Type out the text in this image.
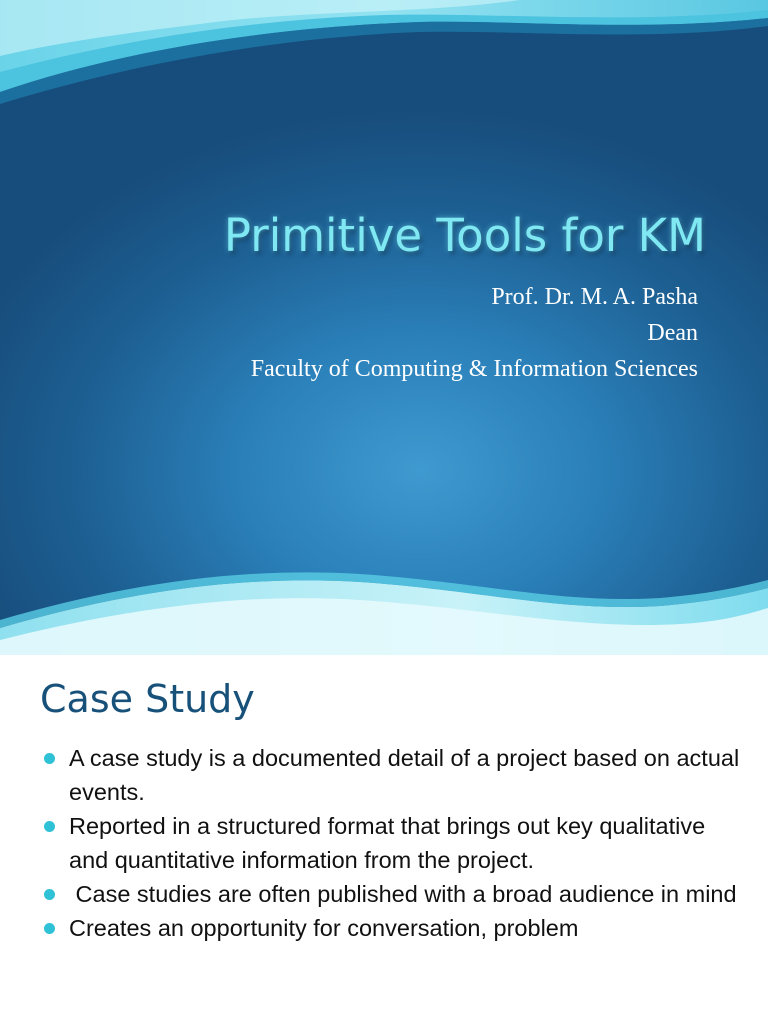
Primitive Tools for KM
Prof. Dr. M. A. Pasha
Dean
Faculty of Computing & Information Sciences
Case Study
A case study is a documented detail of a project based on actual events.
Reported in a structured format that brings out key qualitative and quantitative information from the project.
Case studies are often published with a broad audience in mind
Creates an opportunity for conversation, problem
